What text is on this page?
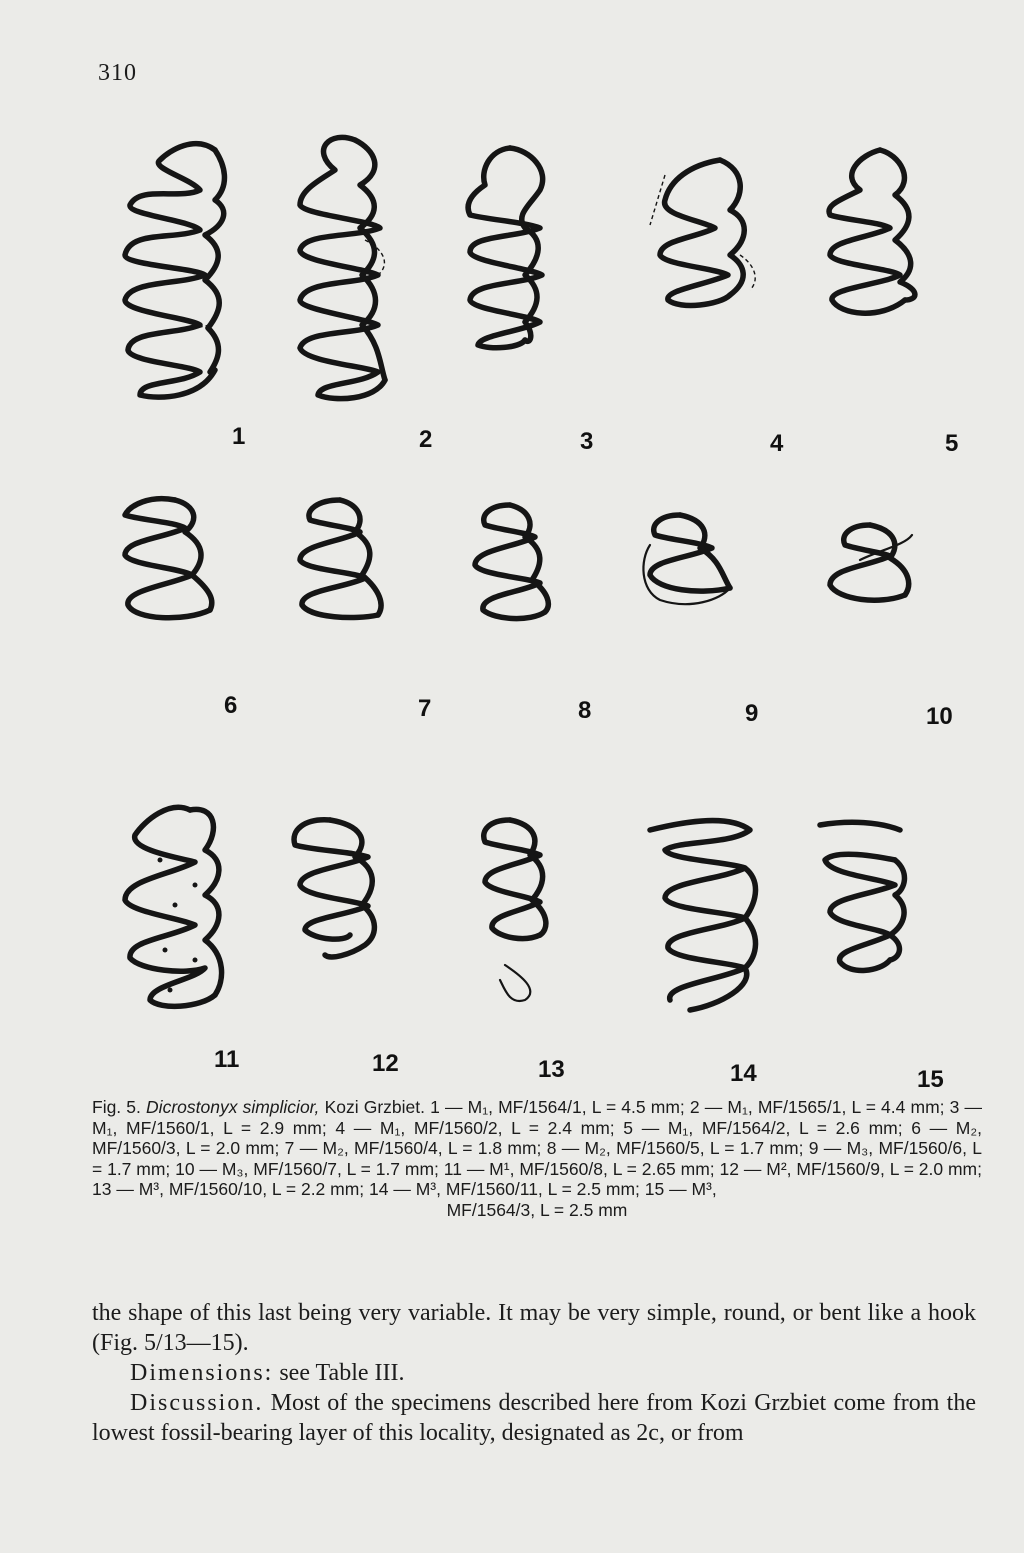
310
1	2	3	4	5
6	7	8	9	10
11	12	13	14	15
Fig. 5. Dicrostonyx simplicior, Kozi Grzbiet. 1 — M₁, MF/1564/1, L = 4.5 mm; 2 — M₁, MF/1565/1, L = 4.4 mm; 3 — M₁, MF/1560/1, L = 2.9 mm; 4 — M₁, MF/1560/2, L = 2.4 mm; 5 — M₁, MF/1564/2, L = 2.6 mm; 6 — M₂, MF/1560/3, L = 2.0 mm; 7 — M₂, MF/1560/4, L = 1.8 mm; 8 — M₂, MF/1560/5, L = 1.7 mm; 9 — M₃, MF/1560/6, L = 1.7 mm; 10 — M₃, MF/1560/7, L = 1.7 mm; 11 — M¹, MF/1560/8, L = 2.65 mm; 12 — M², MF/1560/9, L = 2.0 mm; 13 — M³, MF/1560/10, L = 2.2 mm; 14 — M³, MF/1560/11, L = 2.5 mm; 15 — M³,
MF/1564/3, L = 2.5 mm

the shape of this last being very variable. It may be very simple, round, or bent like a hook (Fig. 5/13—15).

Dimensions: see Table III.

Discussion. Most of the specimens described here from Kozi Grzbiet come from the lowest fossil-bearing layer of this locality, designated as 2c, or from
